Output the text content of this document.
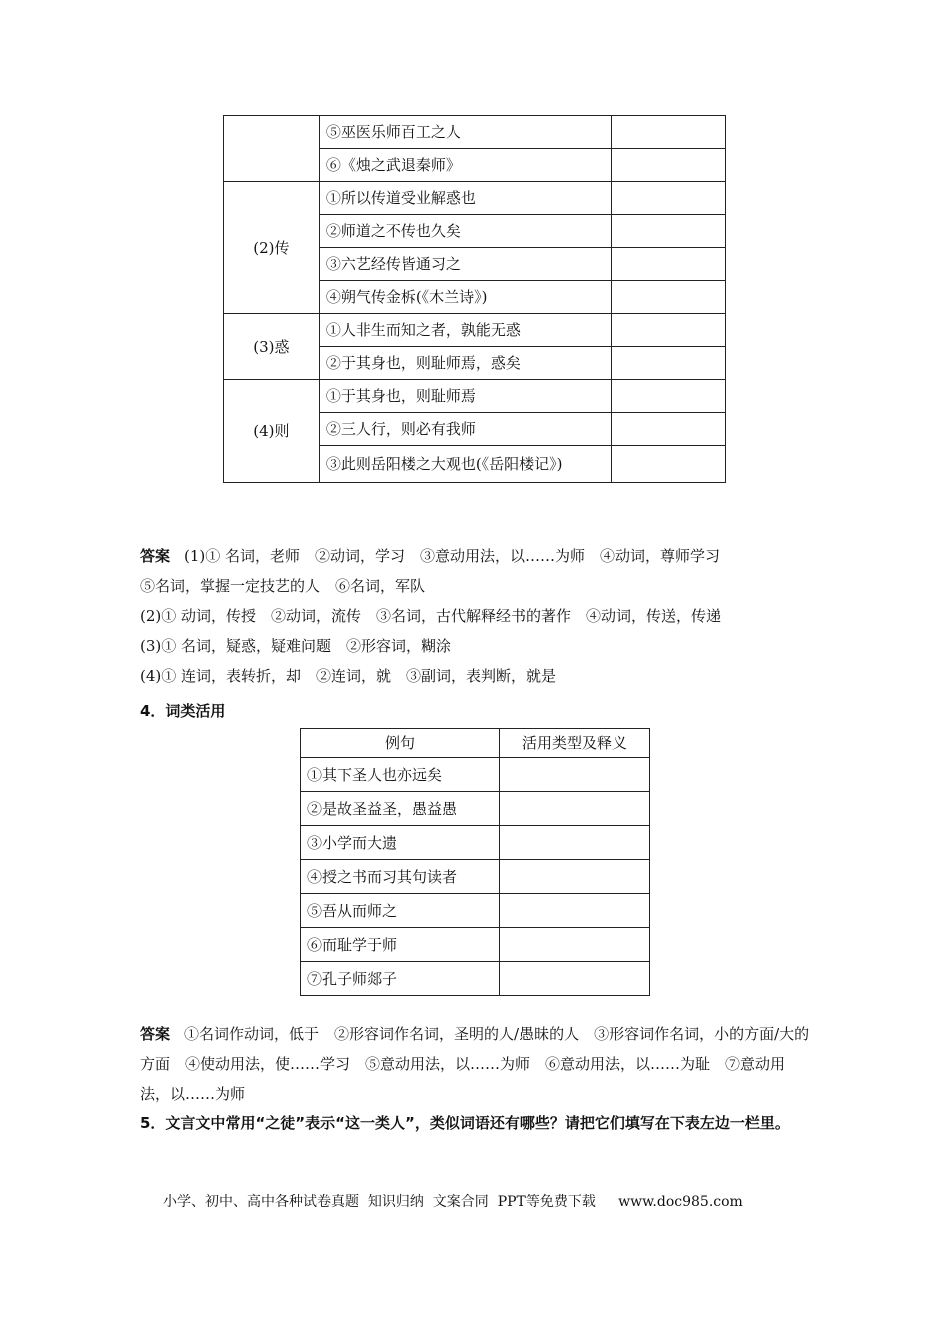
	⑤巫医乐师百工之人	
	⑥《烛之武退秦师》	
(2)传	①所以传道受业解惑也	
	②师道之不传也久矣	
	③六艺经传皆通习之	
	④朔气传金柝(《木兰诗》)	
(3)惑	①人非生而知之者，孰能无惑	
	②于其身也，则耻师焉，惑矣	
(4)则	①于其身也，则耻师焉	
	②三人行，则必有我师	
	③此则岳阳楼之大观也(《岳阳楼记》)	
答案 (1)① 名词，老师　②动词，学习　③意动用法，以……为师　④动词，尊师学习
⑤名词，掌握一定技艺的人　⑥名词，军队
(2)① 动词，传授　②动词，流传　③名词，古代解释经书的著作　④动词，传送，传递
(3)① 名词，疑惑，疑难问题　②形容词，糊涂
(4)① 连词，表转折，却　②连词，就　③副词，表判断，就是
4．词类活用
例句	活用类型及释义
①其下圣人也亦远矣	
②是故圣益圣，愚益愚	
③小学而大遗	
④授之书而习其句读者	
⑤吾从而师之	
⑥而耻学于师	
⑦孔子师郯子	
答案 ①名词作动词，低于　②形容词作名词，圣明的人/愚昧的人　③形容词作名词，小的方面/大的方面　④使动用法，使……学习　⑤意动用法，以……为师　⑥意动用法，以……为耻　⑦意动用法，以……为师
5．文言文中常用“之徒”表示“这一类人”，类似词语还有哪些？请把它们填写在下表左边一栏里。
小学、初中、高中各种试卷真题  知识归纳  文案合同  PPT等免费下载     www.doc985.com
